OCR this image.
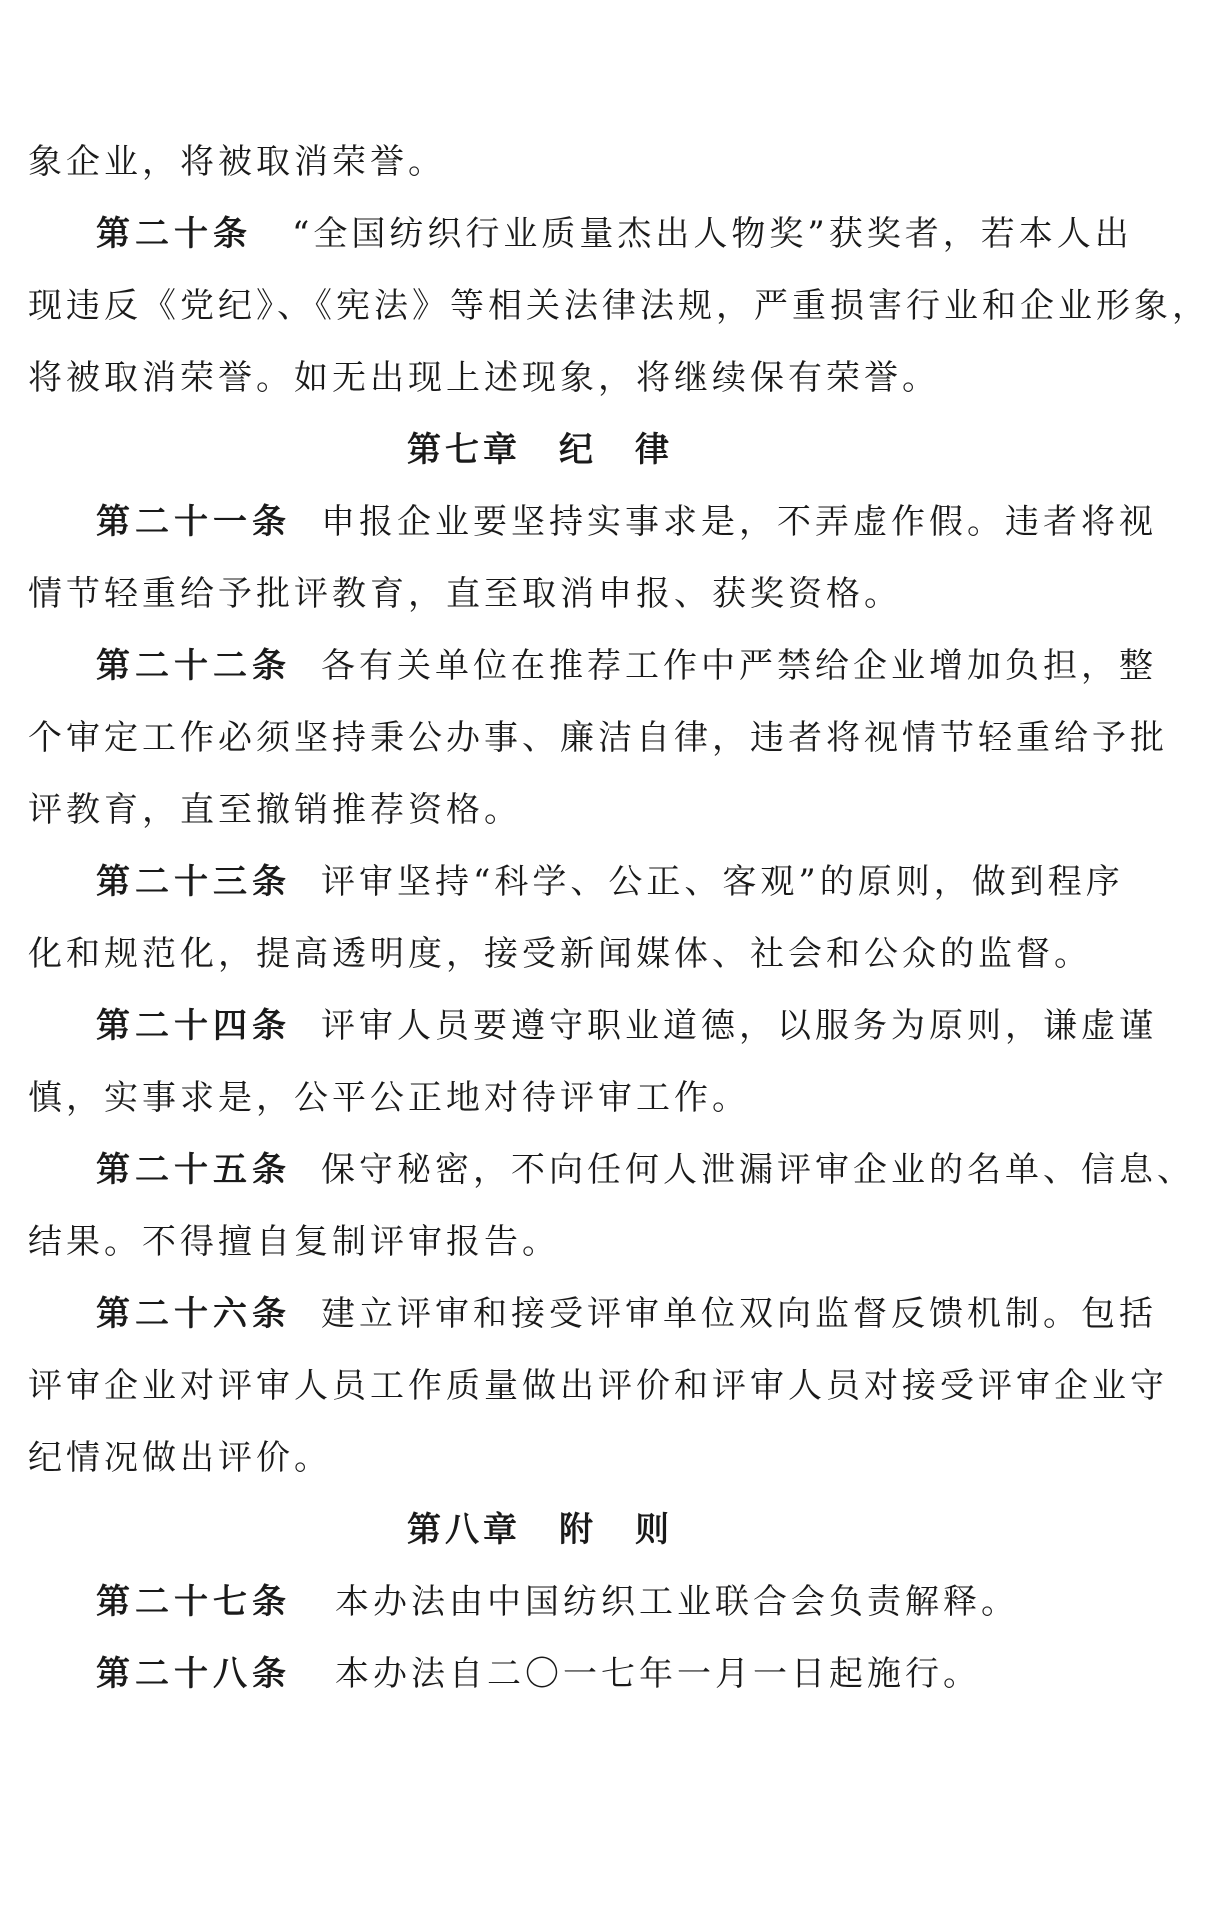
象企业，将被取消荣誉。
第二十条 “全国纺织行业质量杰出人物奖”获奖者，若本人出
现违反《党纪》、《宪法》等相关法律法规，严重损害行业和企业形象，
将被取消荣誉。如无出现上述现象，将继续保有荣誉。
第七章　纪　律
第二十一条 申报企业要坚持实事求是，不弄虚作假。违者将视
情节轻重给予批评教育，直至取消申报、获奖资格。
第二十二条 各有关单位在推荐工作中严禁给企业增加负担，整
个审定工作必须坚持秉公办事、廉洁自律，违者将视情节轻重给予批
评教育，直至撤销推荐资格。
第二十三条 评审坚持“科学、公正、客观”的原则，做到程序
化和规范化，提高透明度，接受新闻媒体、社会和公众的监督。
第二十四条 评审人员要遵守职业道德，以服务为原则，谦虚谨
慎，实事求是，公平公正地对待评审工作。
第二十五条 保守秘密，不向任何人泄漏评审企业的名单、信息、
结果。不得擅自复制评审报告。
第二十六条 建立评审和接受评审单位双向监督反馈机制。包括
评审企业对评审人员工作质量做出评价和评审人员对接受评审企业守
纪情况做出评价。
第八章　附　则
第二十七条 本办法由中国纺织工业联合会负责解释。
第二十八条 本办法自二〇一七年一月一日起施行。
